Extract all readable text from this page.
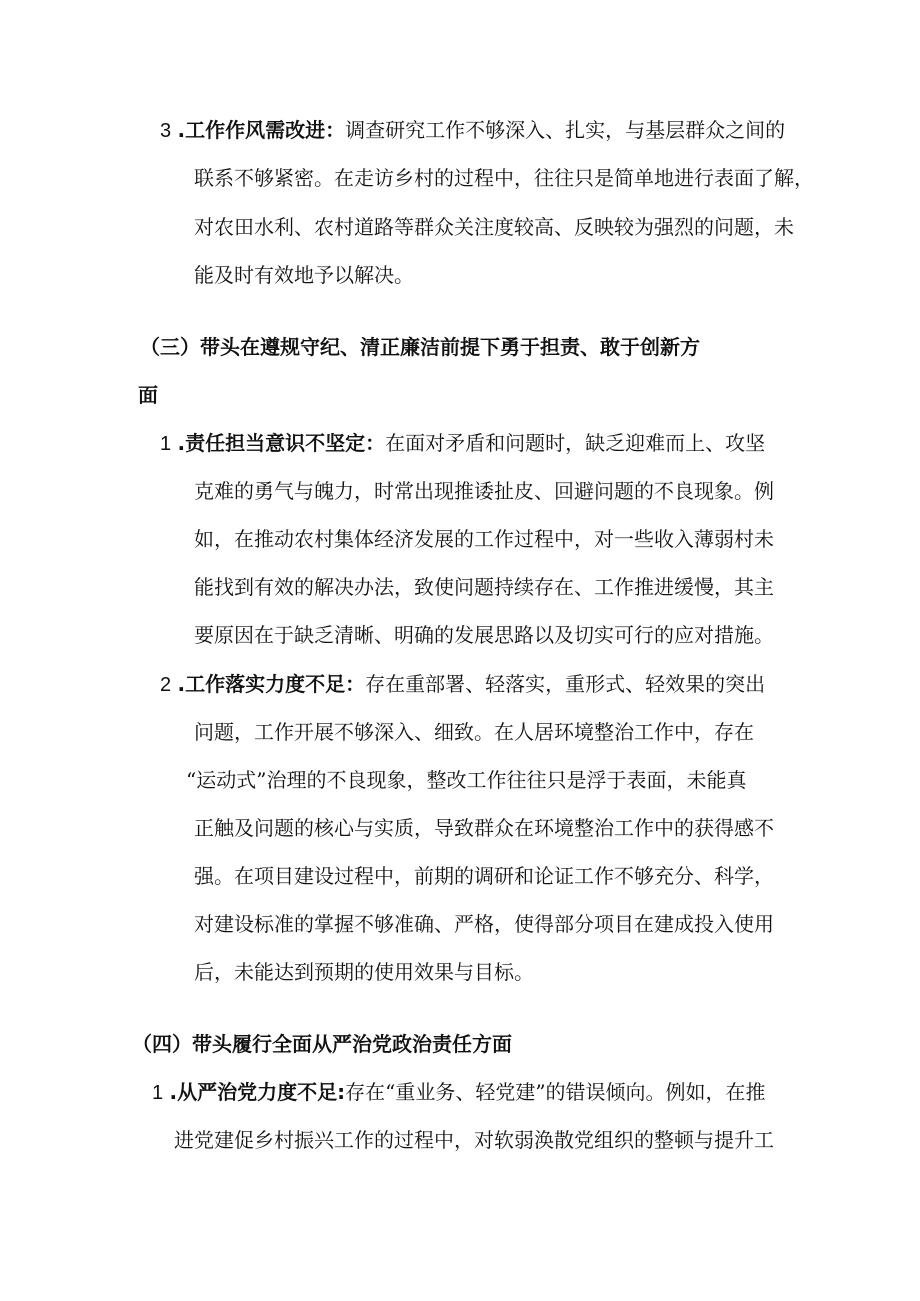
3 .工作作风需改进：调查研究工作不够深入、扎实，与基层群众之间的
联系不够紧密。在走访乡村的过程中，往往只是简单地进行表面了解，
对农田水利、农村道路等群众关注度较高、反映较为强烈的问题，未
能及时有效地予以解决。
（三）带头在遵规守纪、清正廉洁前提下勇于担责、敢于创新方
面
1 .责任担当意识不坚定：在面对矛盾和问题时，缺乏迎难而上、攻坚
克难的勇气与魄力，时常出现推诿扯皮、回避问题的不良现象。例
如，在推动农村集体经济发展的工作过程中，对一些收入薄弱村未
能找到有效的解决办法，致使问题持续存在、工作推进缓慢，其主
要原因在于缺乏清晰、明确的发展思路以及切实可行的应对措施。
2 .工作落实力度不足：存在重部署、轻落实，重形式、轻效果的突出
问题，工作开展不够深入、细致。在人居环境整治工作中，存在
“运动式”治理的不良现象，整改工作往往只是浮于表面，未能真
正触及问题的核心与实质，导致群众在环境整治工作中的获得感不
强。在项目建设过程中，前期的调研和论证工作不够充分、科学，
对建设标准的掌握不够准确、严格，使得部分项目在建成投入使用
后，未能达到预期的使用效果与目标。
（四）带头履行全面从严治党政治责任方面
1 .从严治党力度不足:存在“重业务、轻党建”的错误倾向。例如，在推
进党建促乡村振兴工作的过程中，对软弱涣散党组织的整顿与提升工
